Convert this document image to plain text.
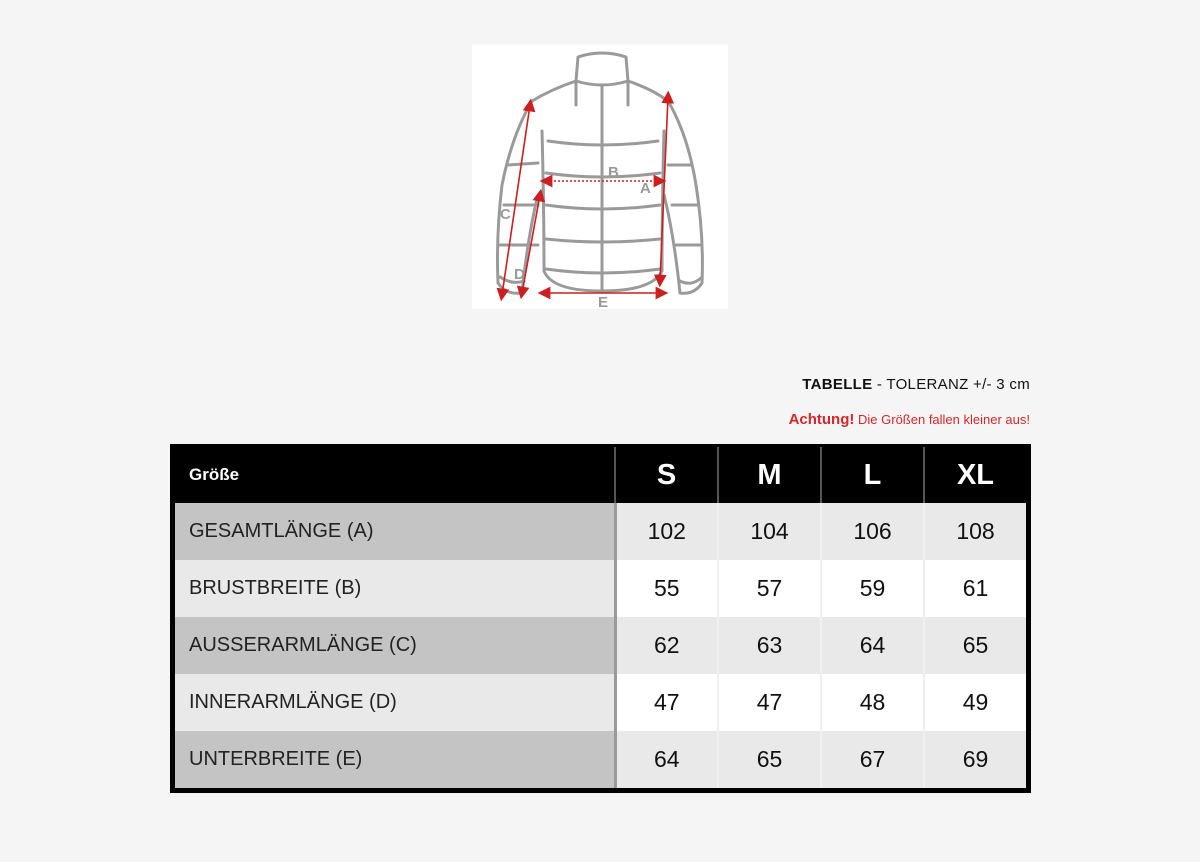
B
A
C
D
E
TABELLE - TOLERANZ +/- 3 cm
Achtung! Die Größen fallen kleiner aus!
Größe	S	M	L	XL
GESAMTLÄNGE (A)	102	104	106	108
BRUSTBREITE (B)	55	57	59	61
AUSSERARMLÄNGE (C)	62	63	64	65
INNERARMLÄNGE (D)	47	47	48	49
UNTERBREITE (E)	64	65	67	69
